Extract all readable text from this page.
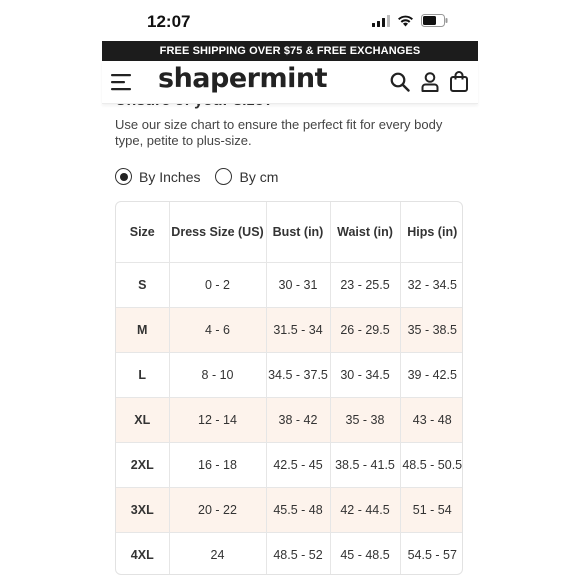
12:07
FREE SHIPPING OVER $75 & FREE EXCHANGES
shapermint
Use our size chart to ensure the perfect fit for every body type, petite to plus-size.
By Inches	By cm
Size	Dress Size (US)	Bust (in)	Waist (in)	Hips (in)
S	0 - 2	30 - 31	23 - 25.5	32 - 34.5
M	4 - 6	31.5 - 34	26 - 29.5	35 - 38.5
L	8 - 10	34.5 - 37.5	30 - 34.5	39 - 42.5
XL	12 - 14	38 - 42	35 - 38	43 - 48
2XL	16 - 18	42.5 - 45	38.5 - 41.5	48.5 - 50.5
3XL	20 - 22	45.5 - 48	42 - 44.5	51 - 54
4XL	24	48.5 - 52	45 - 48.5	54.5 - 57
